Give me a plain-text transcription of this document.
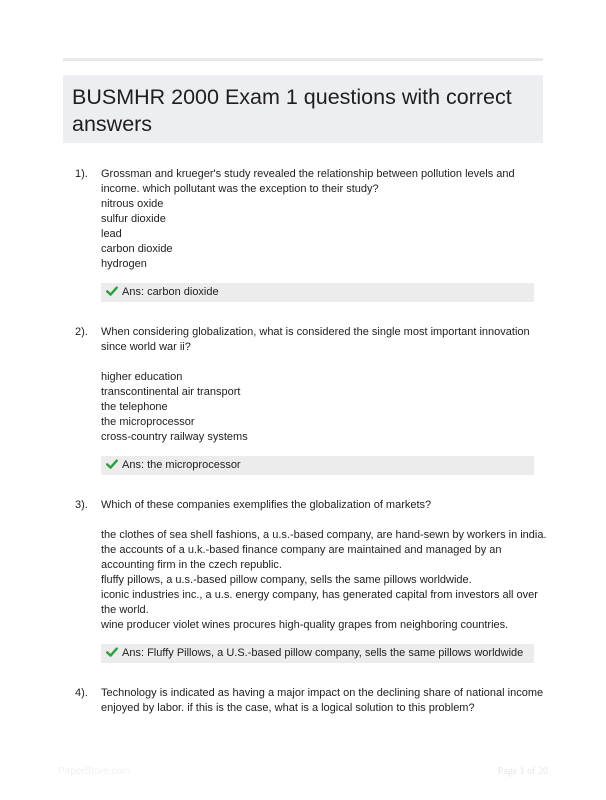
BUSMHR 2000 Exam 1 questions with correct answers
1). Grossman and krueger's study revealed the relationship between pollution levels and
income. which pollutant was the exception to their study?
nitrous oxide
sulfur dioxide
lead
carbon dioxide
hydrogen
Ans: carbon dioxide
2). When considering globalization, what is considered the single most important innovation
since world war ii?
higher education
transcontinental air transport
the telephone
the microprocessor
cross-country railway systems
Ans: the microprocessor
3). Which of these companies exemplifies the globalization of markets?
the clothes of sea shell fashions, a u.s.-based company, are hand-sewn by workers in india.
the accounts of a u.k.-based finance company are maintained and managed by an
accounting firm in the czech republic.
fluffy pillows, a u.s.-based pillow company, sells the same pillows worldwide.
iconic industries inc., a u.s. energy company, has generated capital from investors all over
the world.
wine producer violet wines procures high-quality grapes from neighboring countries.
Ans: Fluffy Pillows, a U.S.-based pillow company, sells the same pillows worldwide
4). Technology is indicated as having a major impact on the declining share of national income
enjoyed by labor. if this is the case, what is a logical solution to this problem?
PaperStore.com	Page 1 of 20
